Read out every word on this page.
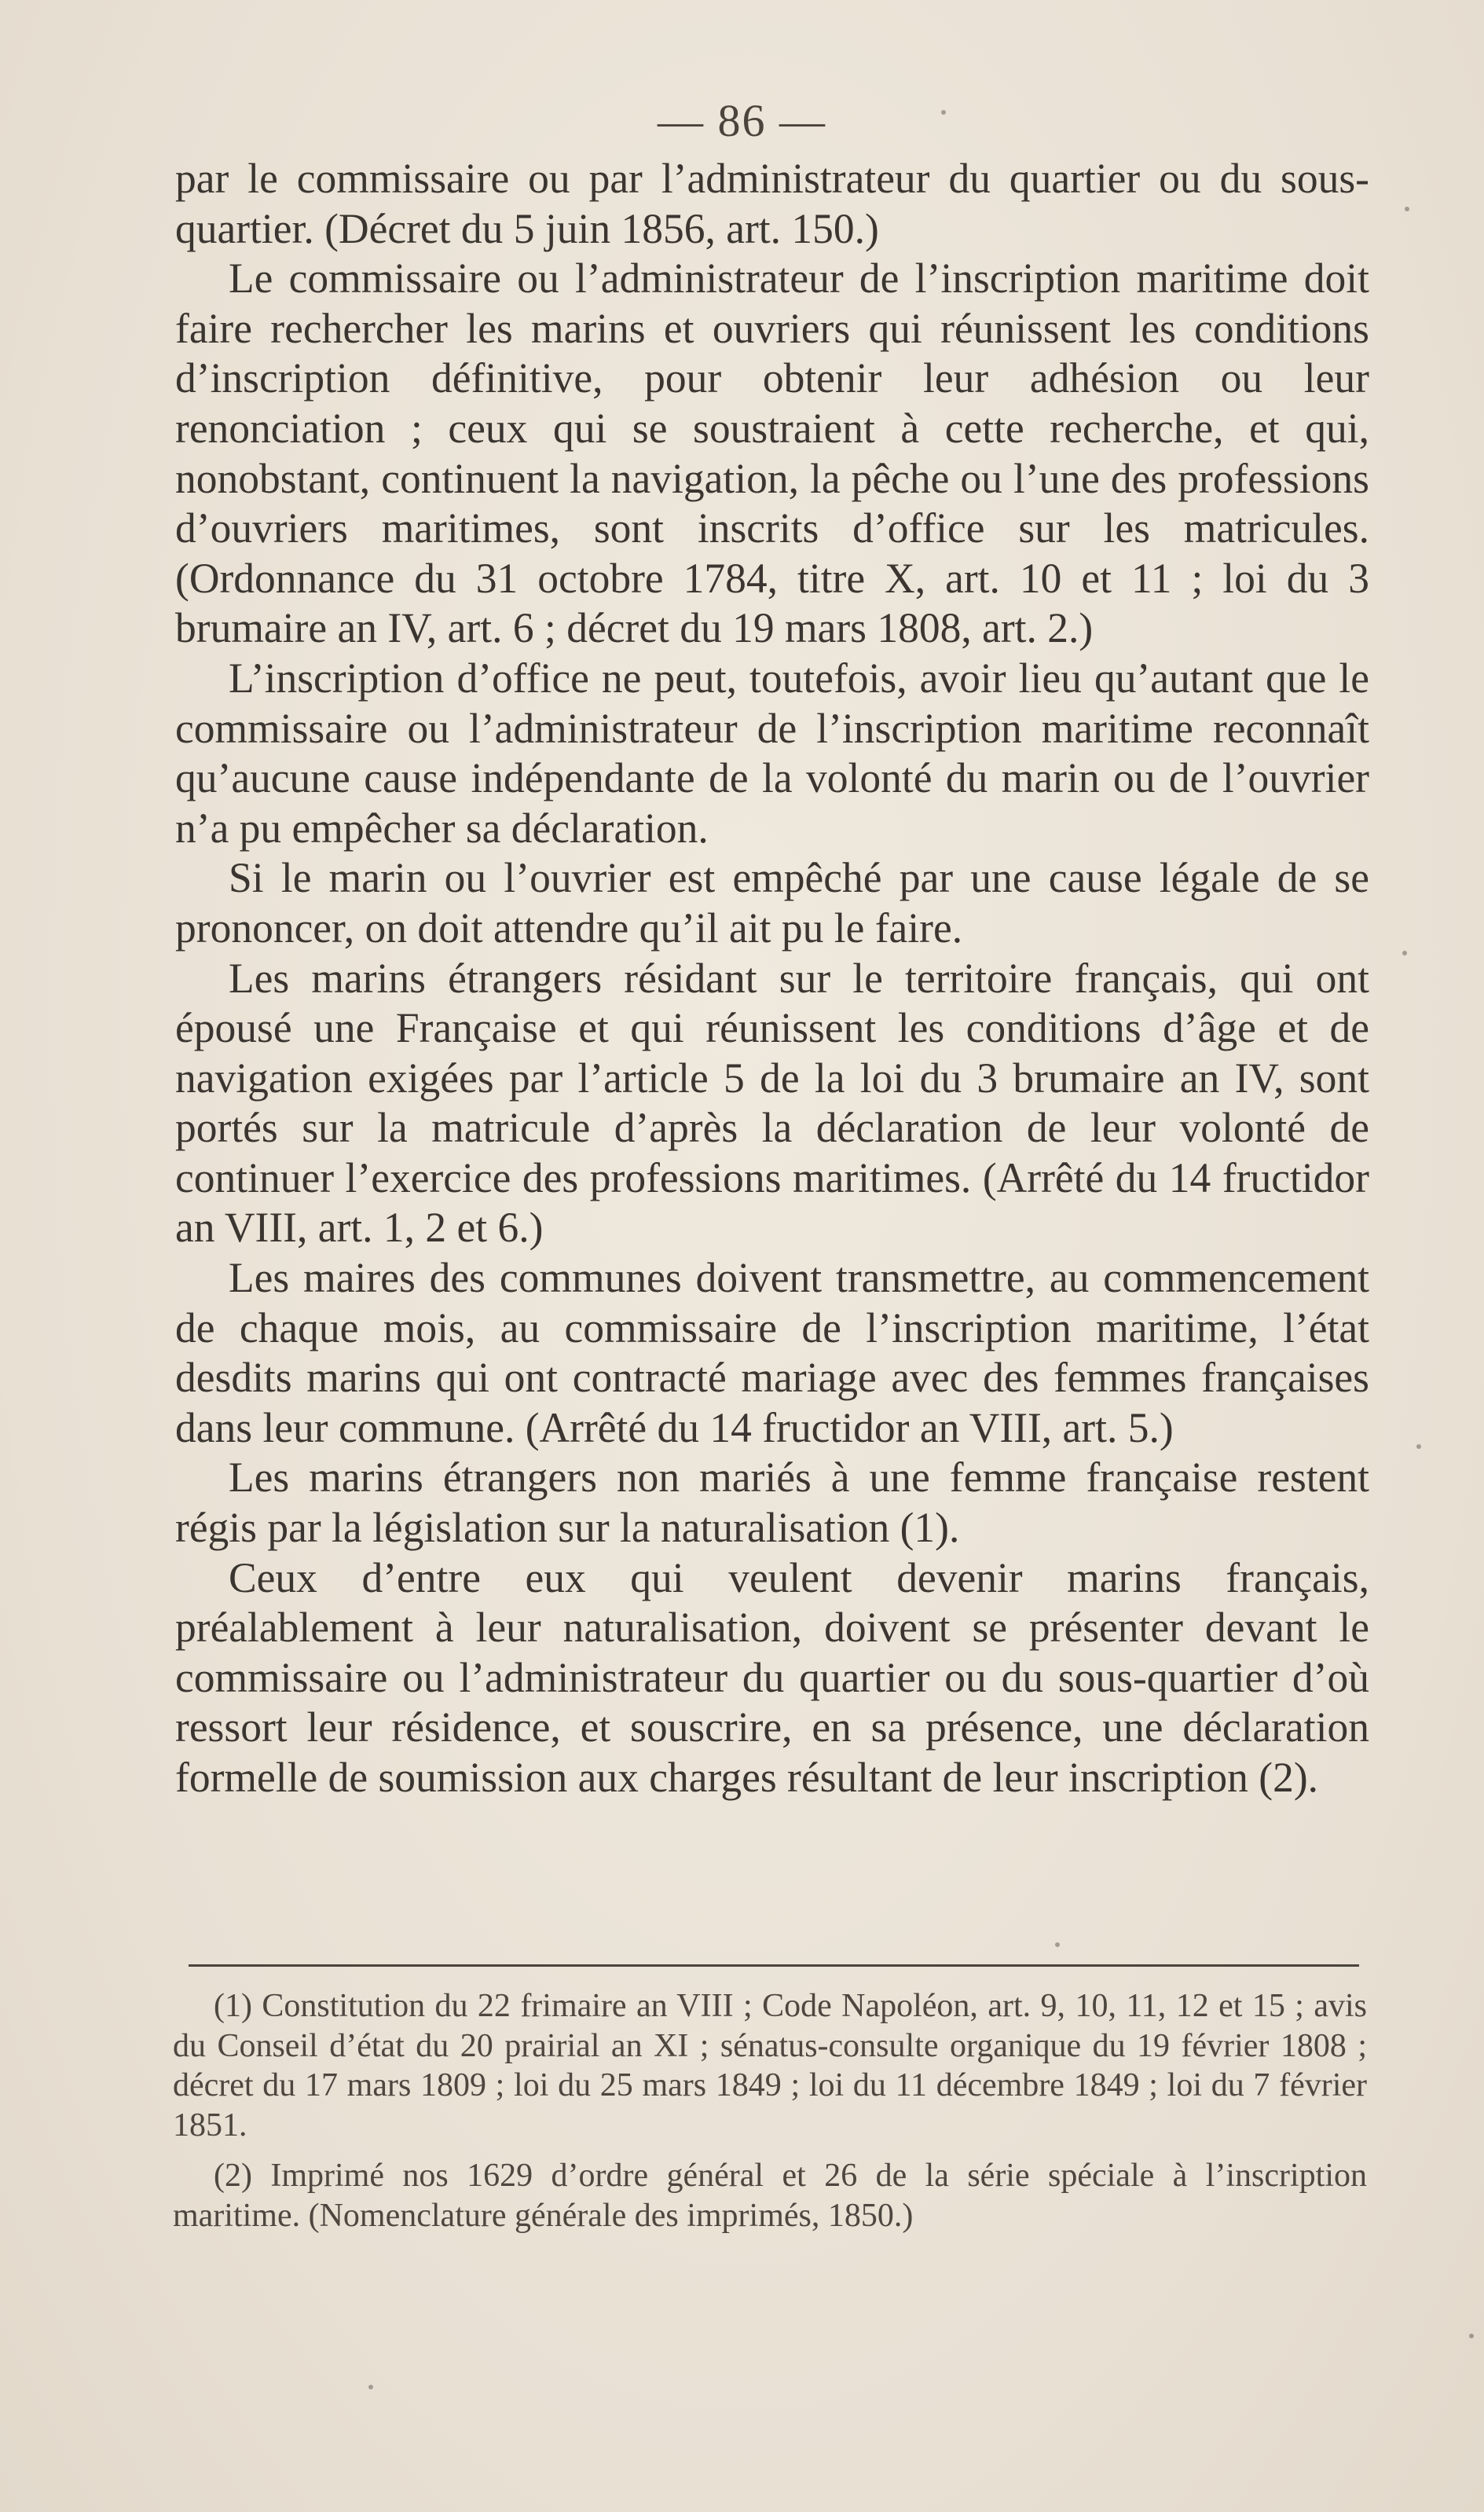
— 86 —

par le commissaire ou par l’administrateur du quartier ou du sous-quartier. (Décret du 5 juin 1856, art. 150.)

Le commissaire ou l’administrateur de l’inscription maritime doit faire rechercher les marins et ouvriers qui réunissent les conditions d’inscription définitive, pour obtenir leur adhésion ou leur renonciation ; ceux qui se soustraient à cette recherche, et qui, nonobstant, continuent la navigation, la pêche ou l’une des professions d’ouvriers maritimes, sont inscrits d’office sur les matricules. (Ordonnance du 31 octobre 1784, titre X, art. 10 et 11 ; loi du 3 brumaire an IV, art. 6 ; décret du 19 mars 1808, art. 2.)

L’inscription d’office ne peut, toutefois, avoir lieu qu’autant que le commissaire ou l’administrateur de l’inscription maritime reconnaît qu’aucune cause indépendante de la volonté du marin ou de l’ouvrier n’a pu empêcher sa déclaration.

Si le marin ou l’ouvrier est empêché par une cause légale de se prononcer, on doit attendre qu’il ait pu le faire.

Les marins étrangers résidant sur le territoire français, qui ont épousé une Française et qui réunissent les conditions d’âge et de navigation exigées par l’article 5 de la loi du 3 brumaire an IV, sont portés sur la matricule d’après la déclaration de leur volonté de continuer l’exercice des professions maritimes. (Arrêté du 14 fructidor an VIII, art. 1, 2 et 6.)

Les maires des communes doivent transmettre, au commencement de chaque mois, au commissaire de l’inscription maritime, l’état desdits marins qui ont contracté mariage avec des femmes françaises dans leur commune. (Arrêté du 14 fructidor an VIII, art. 5.)

Les marins étrangers non mariés à une femme française restent régis par la législation sur la naturalisation (1).

Ceux d’entre eux qui veulent devenir marins français, préalablement à leur naturalisation, doivent se présenter devant le commissaire ou l’administrateur du quartier ou du sous-quartier d’où ressort leur résidence, et souscrire, en sa présence, une déclaration formelle de soumission aux charges résultant de leur inscription (2).

(1) Constitution du 22 frimaire an VIII ; Code Napoléon, art. 9, 10, 11, 12 et 15 ; avis du Conseil d’état du 20 prairial an XI ; sénatus-consulte organique du 19 février 1808 ; décret du 17 mars 1809 ; loi du 25 mars 1849 ; loi du 11 décembre 1849 ; loi du 7 février 1851.

(2) Imprimé nos 1629 d’ordre général et 26 de la série spéciale à l’inscription maritime. (Nomenclature générale des imprimés, 1850.)
